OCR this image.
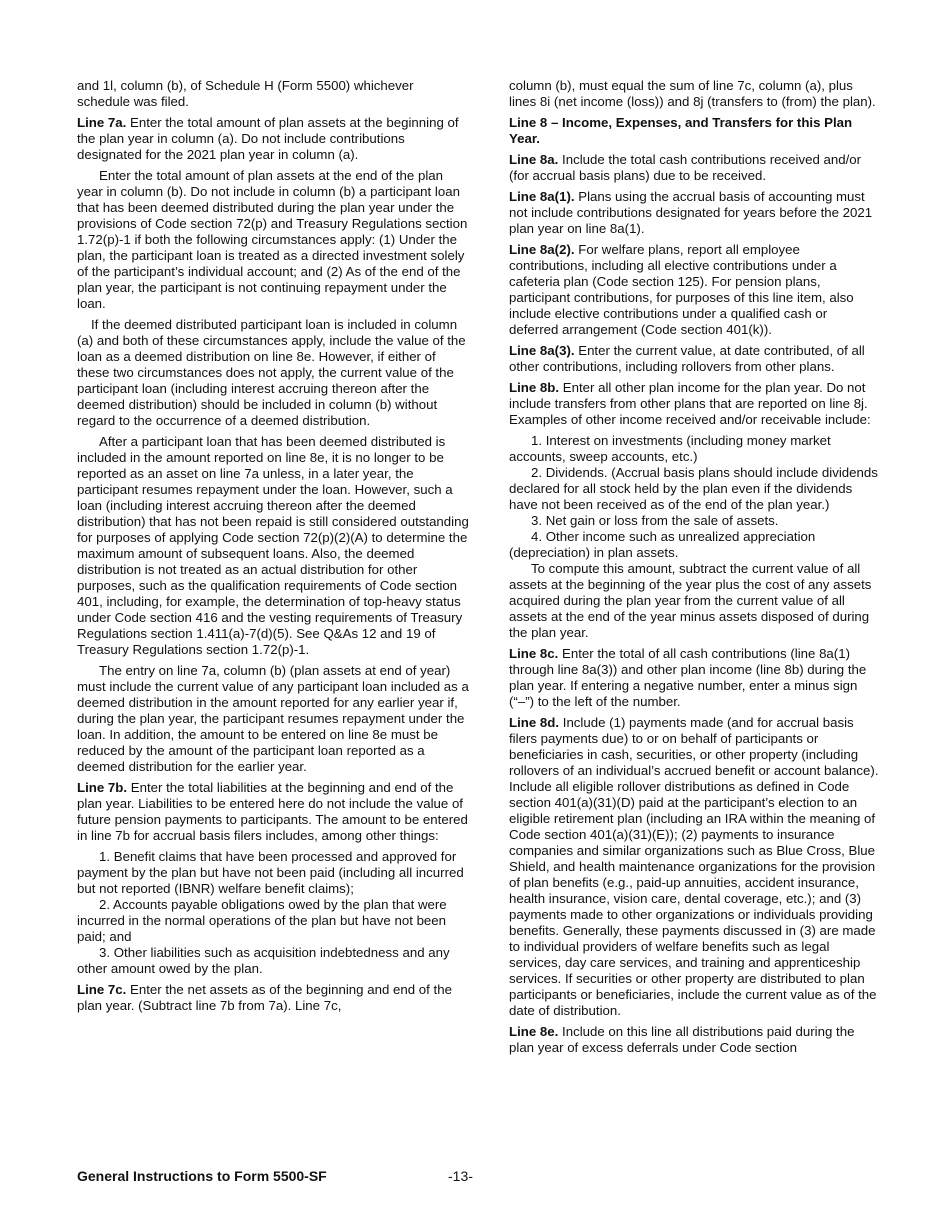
and 1l, column (b), of Schedule H (Form 5500) whichever schedule was filed.

Line 7a. Enter the total amount of plan assets at the beginning of the plan year in column (a). Do not include contributions designated for the 2021 plan year in column (a).

Enter the total amount of plan assets at the end of the plan year in column (b). Do not include in column (b) a participant loan that has been deemed distributed during the plan year under the provisions of Code section 72(p) and Treasury Regulations section 1.72(p)-1 if both the following circumstances apply: (1) Under the plan, the participant loan is treated as a directed investment solely of the participant’s individual account; and (2) As of the end of the plan year, the participant is not continuing repayment under the loan.

If the deemed distributed participant loan is included in column (a) and both of these circumstances apply, include the value of the loan as a deemed distribution on line 8e. However, if either of these two circumstances does not apply, the current value of the participant loan (including interest accruing thereon after the deemed distribution) should be included in column (b) without regard to the occurrence of a deemed distribution.

After a participant loan that has been deemed distributed is included in the amount reported on line 8e, it is no longer to be reported as an asset on line 7a unless, in a later year, the participant resumes repayment under the loan. However, such a loan (including interest accruing thereon after the deemed distribution) that has not been repaid is still considered outstanding for purposes of applying Code section 72(p)(2)(A) to determine the maximum amount of subsequent loans. Also, the deemed distribution is not treated as an actual distribution for other purposes, such as the qualification requirements of Code section 401, including, for example, the determination of top-heavy status under Code section 416 and the vesting requirements of Treasury Regulations section 1.411(a)-7(d)(5). See Q&As 12 and 19 of Treasury Regulations section 1.72(p)-1.

The entry on line 7a, column (b) (plan assets at end of year) must include the current value of any participant loan included as a deemed distribution in the amount reported for any earlier year if, during the plan year, the participant resumes repayment under the loan. In addition, the amount to be entered on line 8e must be reduced by the amount of the participant loan reported as a deemed distribution for the earlier year.

Line 7b. Enter the total liabilities at the beginning and end of the plan year. Liabilities to be entered here do not include the value of future pension payments to participants. The amount to be entered in line 7b for accrual basis filers includes, among other things:

1. Benefit claims that have been processed and approved for payment by the plan but have not been paid (including all incurred but not reported (IBNR) welfare benefit claims);

2. Accounts payable obligations owed by the plan that were incurred in the normal operations of the plan but have not been paid; and

3. Other liabilities such as acquisition indebtedness and any other amount owed by the plan.

Line 7c. Enter the net assets as of the beginning and end of the plan year. (Subtract line 7b from 7a). Line 7c,

column (b), must equal the sum of line 7c, column (a), plus lines 8i (net income (loss)) and 8j (transfers to (from) the plan).

Line 8 – Income, Expenses, and Transfers for this Plan Year.

Line 8a. Include the total cash contributions received and/or (for accrual basis plans) due to be received.

Line 8a(1). Plans using the accrual basis of accounting must not include contributions designated for years before the 2021 plan year on line 8a(1).

Line 8a(2). For welfare plans, report all employee contributions, including all elective contributions under a cafeteria plan (Code section 125). For pension plans, participant contributions, for purposes of this line item, also include elective contributions under a qualified cash or deferred arrangement (Code section 401(k)).

Line 8a(3). Enter the current value, at date contributed, of all other contributions, including rollovers from other plans.

Line 8b. Enter all other plan income for the plan year. Do not include transfers from other plans that are reported on line 8j. Examples of other income received and/or receivable include:

1. Interest on investments (including money market accounts, sweep accounts, etc.)

2. Dividends. (Accrual basis plans should include dividends declared for all stock held by the plan even if the dividends have not been received as of the end of the plan year.)

3. Net gain or loss from the sale of assets.

4. Other income such as unrealized appreciation (depreciation) in plan assets.

To compute this amount, subtract the current value of all assets at the beginning of the year plus the cost of any assets acquired during the plan year from the current value of all assets at the end of the year minus assets disposed of during the plan year.

Line 8c. Enter the total of all cash contributions (line 8a(1) through line 8a(3)) and other plan income (line 8b) during the plan year. If entering a negative number, enter a minus sign (“–”) to the left of the number.

Line 8d. Include (1) payments made (and for accrual basis filers payments due) to or on behalf of participants or beneficiaries in cash, securities, or other property (including rollovers of an individual’s accrued benefit or account balance). Include all eligible rollover distributions as defined in Code section 401(a)(31)(D) paid at the participant’s election to an eligible retirement plan (including an IRA within the meaning of Code section 401(a)(31)(E)); (2) payments to insurance companies and similar organizations such as Blue Cross, Blue Shield, and health maintenance organizations for the provision of plan benefits (e.g., paid-up annuities, accident insurance, health insurance, vision care, dental coverage, etc.); and (3) payments made to other organizations or individuals providing benefits. Generally, these payments discussed in (3) are made to individual providers of welfare benefits such as legal services, day care services, and training and apprenticeship services. If securities or other property are distributed to plan participants or beneficiaries, include the current value as of the date of distribution.

Line 8e. Include on this line all distributions paid during the plan year of excess deferrals under Code section

General Instructions to Form 5500-SF	-13-
